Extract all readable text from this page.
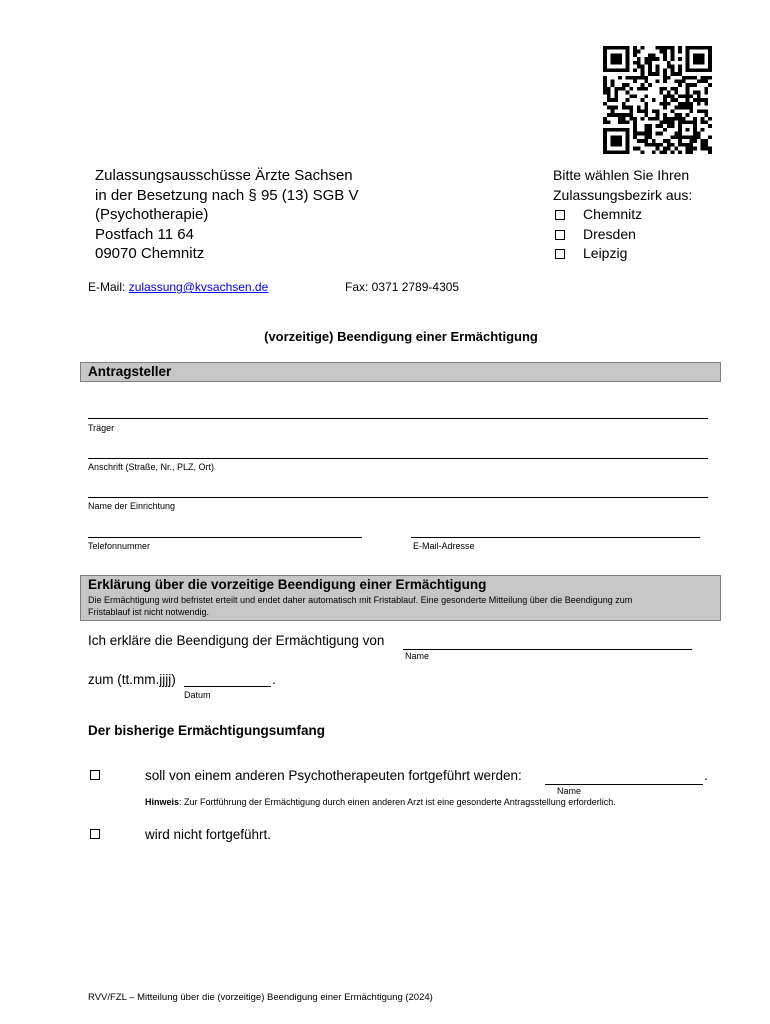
Zulassungsausschüsse Ärzte Sachsen
in der Besetzung nach § 95 (13) SGB V
(Psychotherapie)
Postfach 11 64
09070 Chemnitz
Bitte wählen Sie Ihren
Zulassungsbezirk aus:
Chemnitz
Dresden
Leipzig
E-Mail: zulassung@kvsachsen.de	Fax: 0371 2789-4305
(vorzeitige) Beendigung einer Ermächtigung
Antragsteller
Träger
Anschrift (Straße, Nr., PLZ, Ort)
Name der Einrichtung
Telefonnummer	E-Mail-Adresse
Erklärung über die vorzeitige Beendigung einer Ermächtigung
Die Ermächtigung wird befristet erteilt und endet daher automatisch mit Fristablauf. Eine gesonderte Mitteilung über die Beendigung zum
Fristablauf ist nicht notwendig.
Ich erkläre die Beendigung der Ermächtigung von
Name
zum (tt.mm.jjjj)	.
Datum
Der bisherige Ermächtigungsumfang
soll von einem anderen Psychotherapeuten fortgeführt werden:	.
Name
Hinweis: Zur Fortführung der Ermächtigung durch einen anderen Arzt ist eine gesonderte Antragsstellung erforderlich.
wird nicht fortgeführt.
RVV/FZL – Mitteilung über die (vorzeitige) Beendigung einer Ermächtigung (2024)
